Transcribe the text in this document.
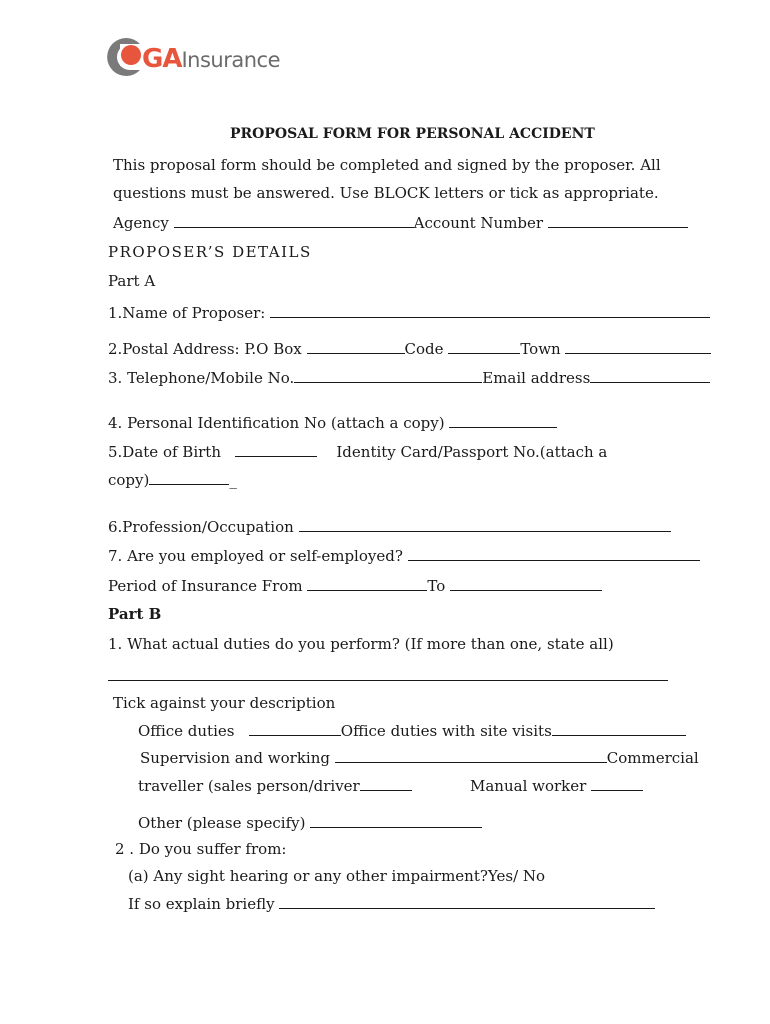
GAInsurance
PROPOSAL FORM FOR PERSONAL ACCIDENT
This proposal form should be completed and signed by the proposer. All
questions must be answered. Use BLOCK letters or tick as appropriate.
Agency	Account Number
PROPOSER’S DETAILS
Part A
1.Name of Proposer:
2.Postal Address: P.O Box	Code	Town
3. Telephone/Mobile No.	Email address
4. Personal Identification No (attach a copy)
5.Date of Birth	Identity Card/Passport No.(attach a
copy)	_
6.Profession/Occupation
7. Are you employed or self-employed?
Period of Insurance From	To
Part B
1. What actual duties do you perform? (If more than one, state all)
Tick against your description
Office duties	Office duties with site visits
Supervision and working	Commercial
traveller (sales person/driver	Manual worker
Other (please specify)
2 . Do you suffer from:
(a) Any sight hearing or any other impairment?Yes/ No
If so explain briefly
